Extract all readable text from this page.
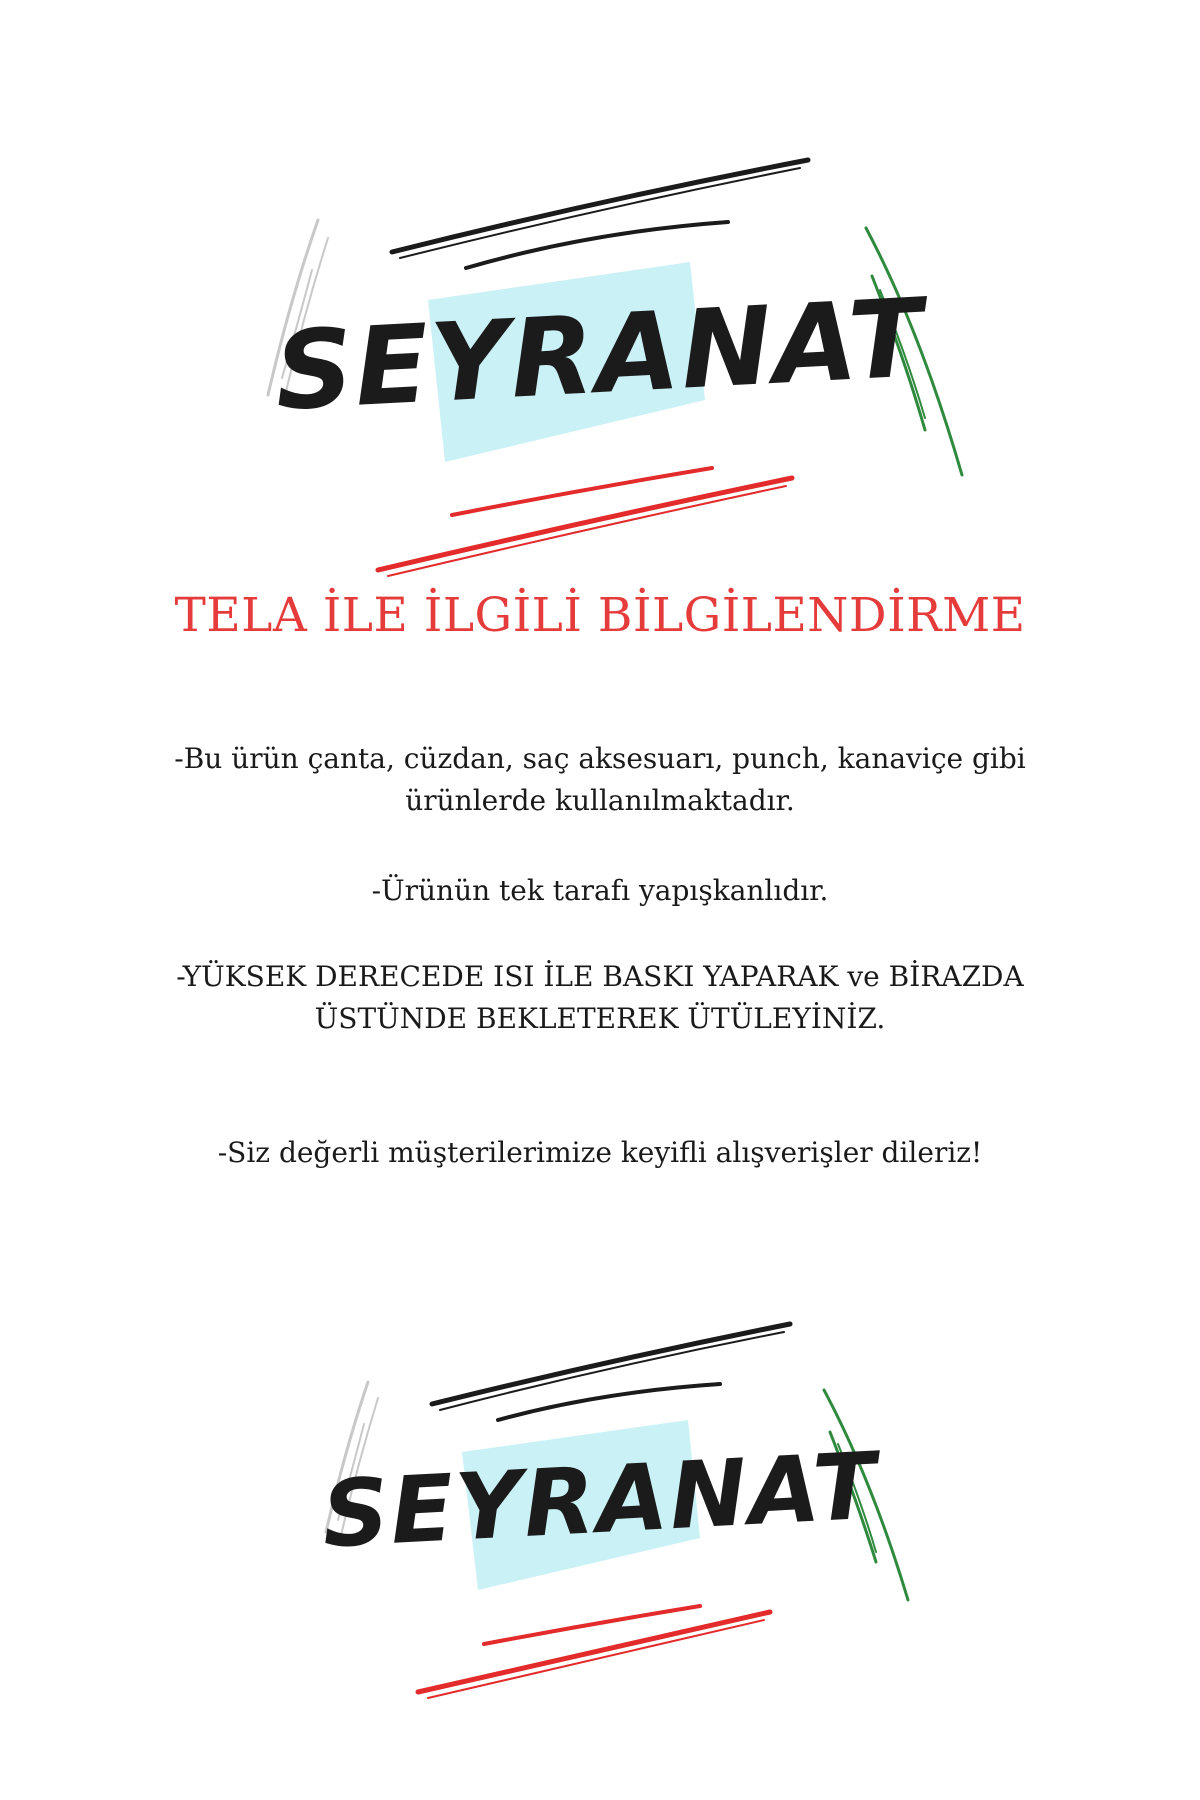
SEYRANAT
TELA İLE İLGİLİ BİLGİLENDİRME

-Bu ürün çanta, cüzdan, saç aksesuarı, punch, kanaviçe gibi
ürünlerde kullanılmaktadır.

-Ürünün tek tarafı yapışkanlıdır.

-YÜKSEK DERECEDE ISI İLE BASKI YAPARAK ve BİRAZDA
ÜSTÜNDE BEKLETEREK ÜTÜLEYİNİZ.

-Siz değerli müşterilerimize keyifli alışverişler dileriz!

SEYRANAT
